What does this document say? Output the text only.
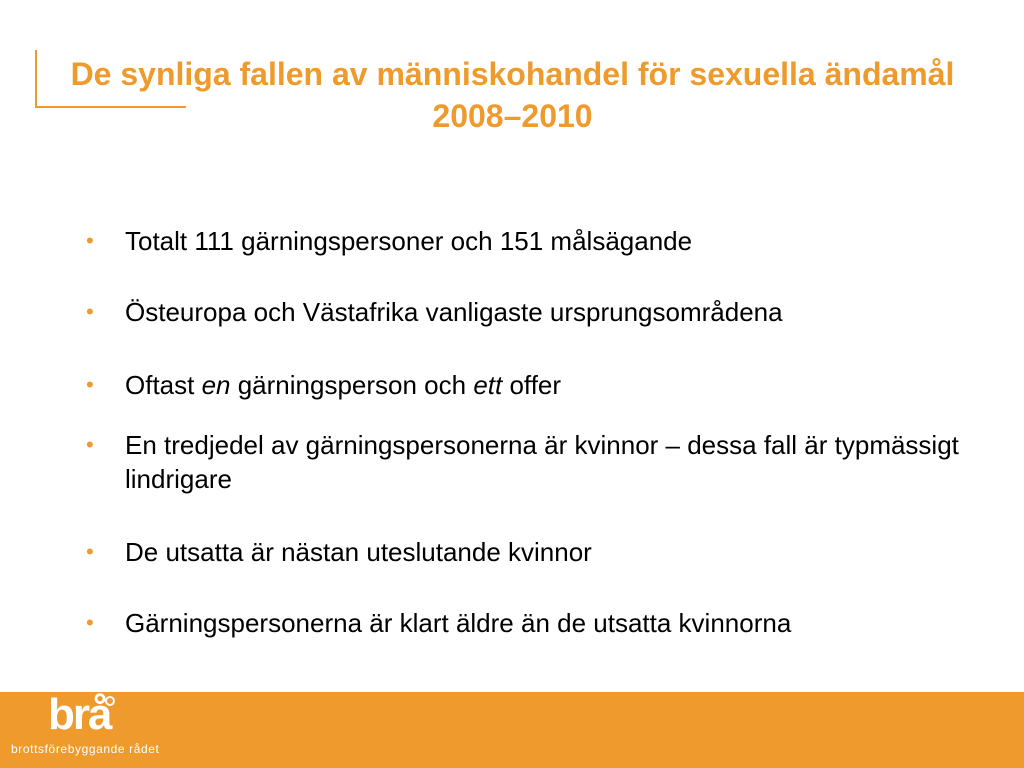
De synliga fallen av människohandel för sexuella ändamål 2008–2010
• Totalt 111 gärningspersoner och 151 målsägande
• Östeuropa och Västafrika vanligaste ursprungsområdena
• Oftast en gärningsperson och ett offer
• En tredjedel av gärningspersonerna är kvinnor – dessa fall är typmässigt lindrigare
• De utsatta är nästan uteslutande kvinnor
• Gärningspersonerna är klart äldre än de utsatta kvinnorna
brå
brottsförebyggande rådet
